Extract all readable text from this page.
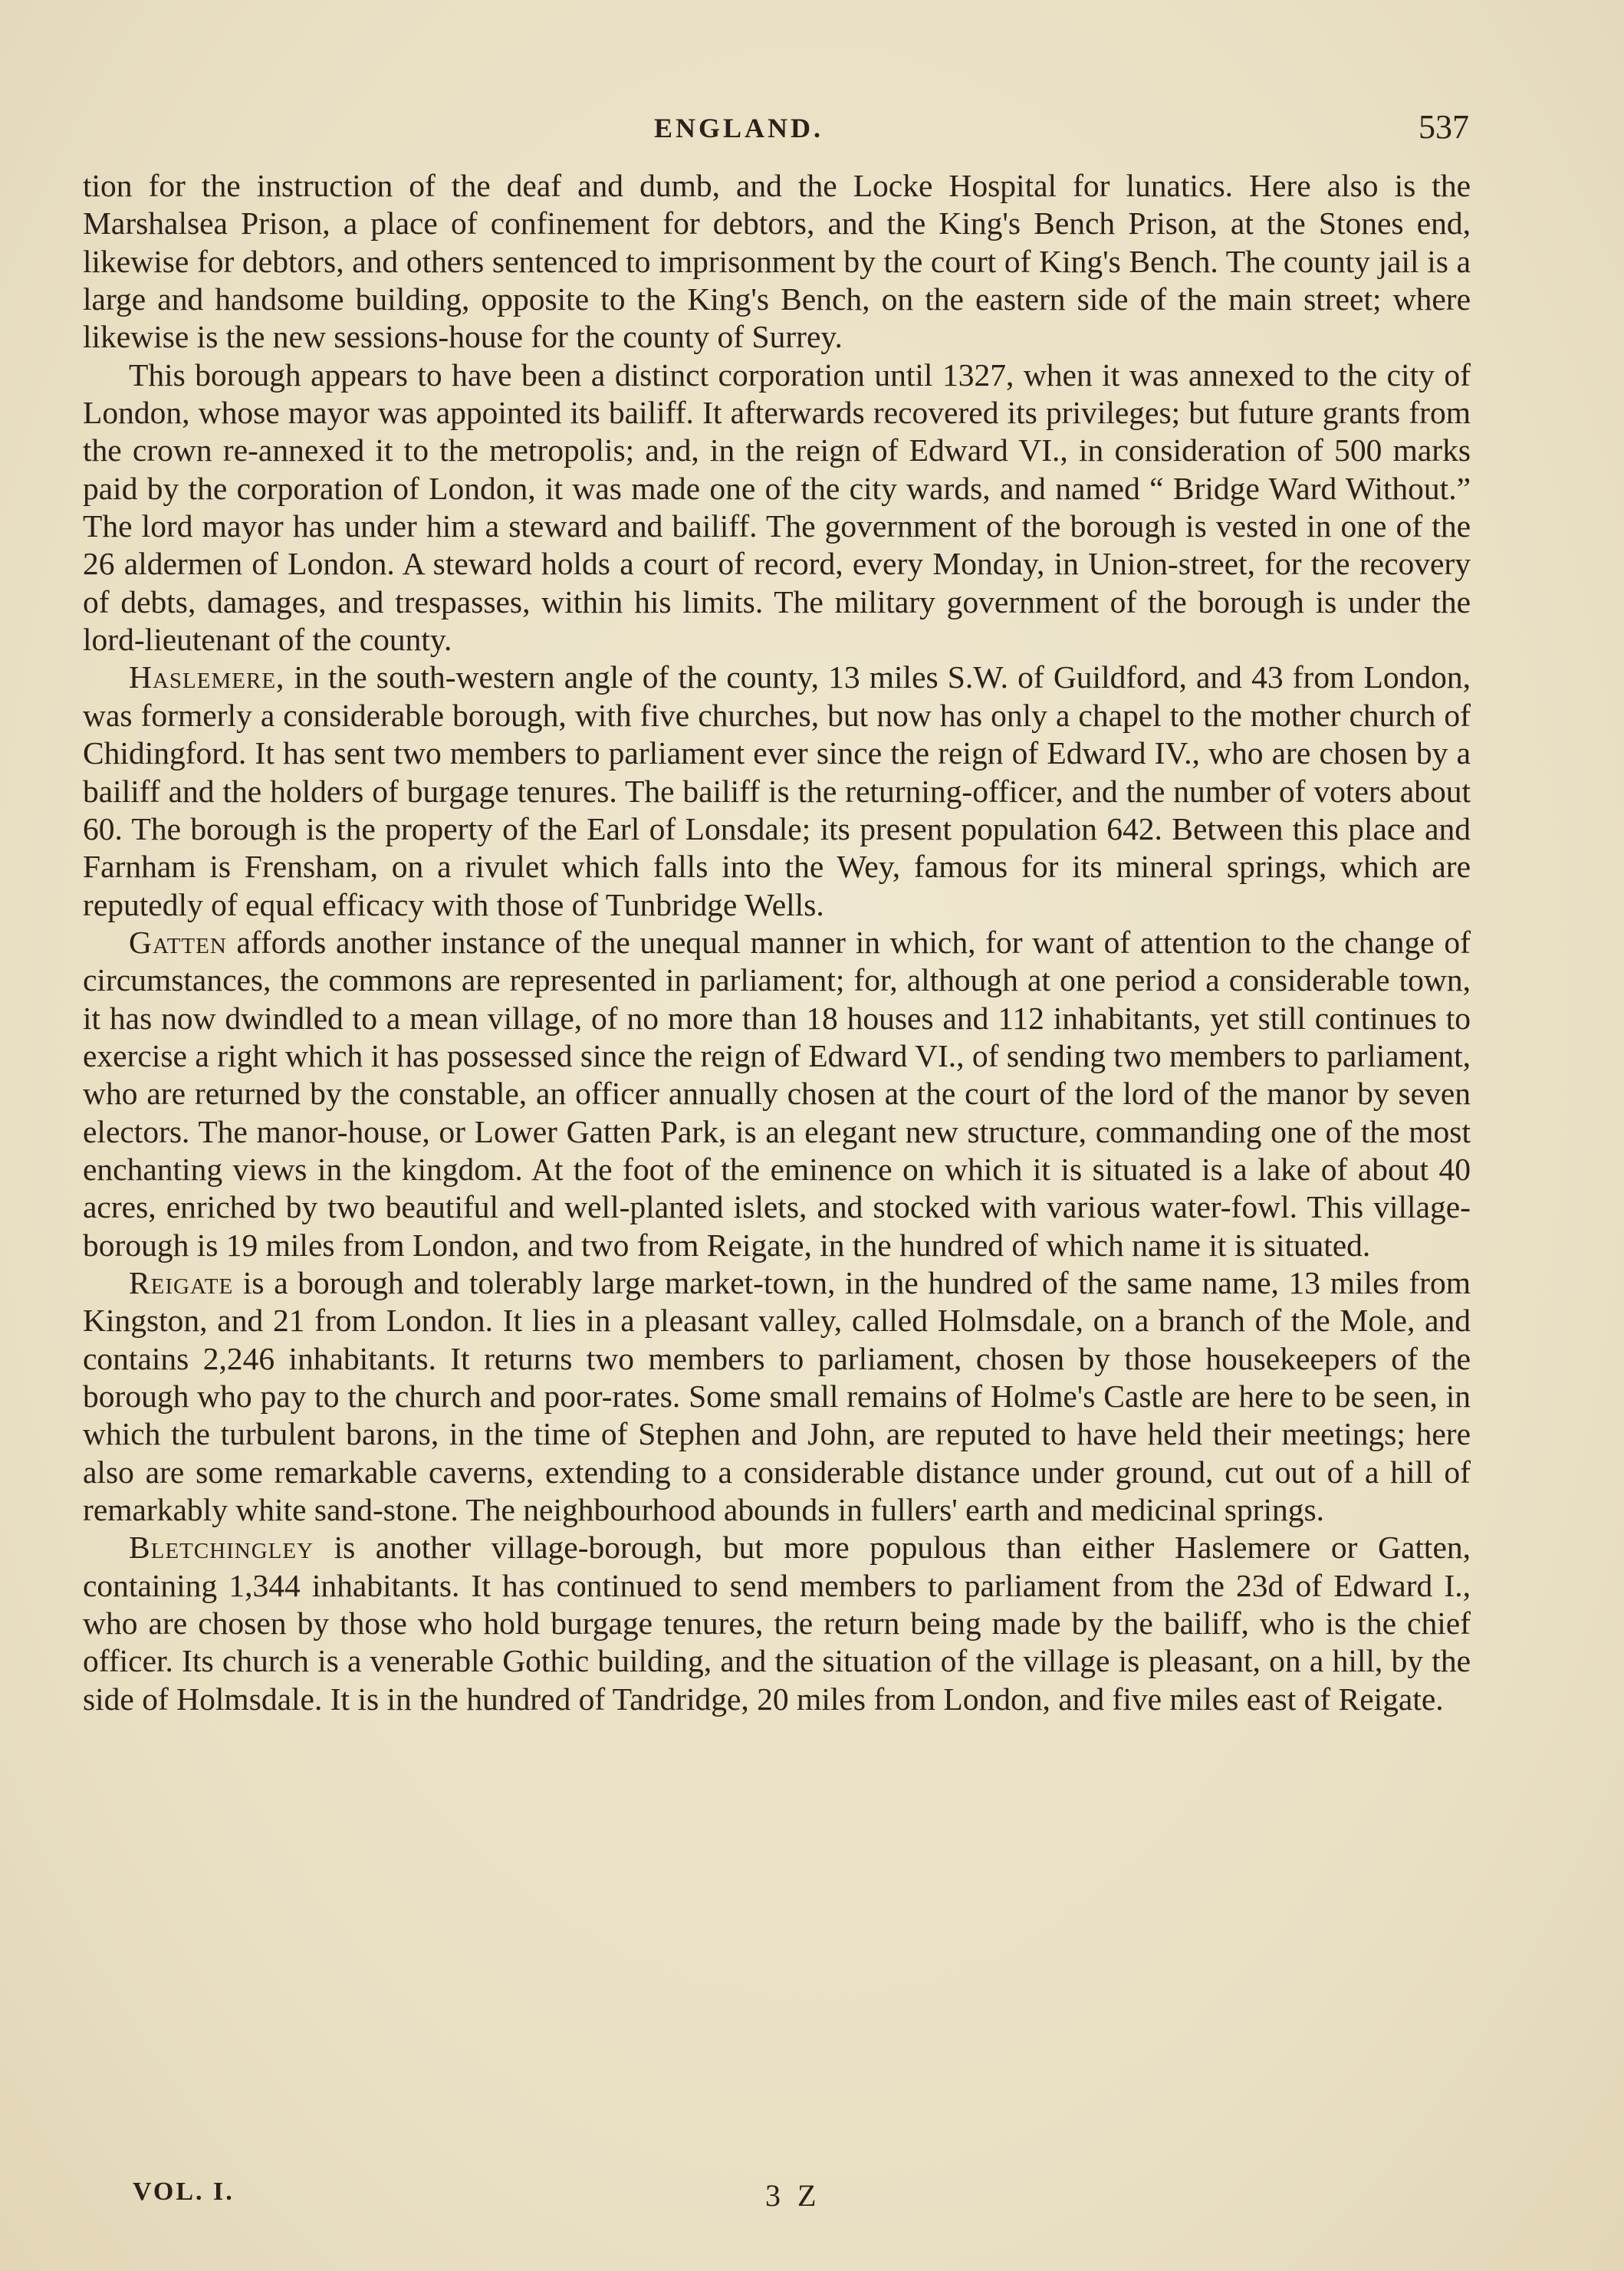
ENGLAND.	537

tion for the instruction of the deaf and dumb, and the Locke Hospital for lunatics. Here also is the Marshalsea Prison, a place of confinement for debtors, and the King's Bench Prison, at the Stones end, likewise for debtors, and others sentenced to imprisonment by the court of King's Bench. The county jail is a large and handsome building, opposite to the King's Bench, on the eastern side of the main street; where likewise is the new sessions-house for the county of Surrey.

This borough appears to have been a distinct corporation until 1327, when it was annexed to the city of London, whose mayor was appointed its bailiff. It afterwards recovered its privileges; but future grants from the crown re-annexed it to the metropolis; and, in the reign of Edward VI., in consideration of 500 marks paid by the corporation of London, it was made one of the city wards, and named “ Bridge Ward Without.” The lord mayor has under him a steward and bailiff. The government of the borough is vested in one of the 26 aldermen of London. A steward holds a court of record, every Monday, in Union-street, for the recovery of debts, damages, and trespasses, within his limits. The military government of the borough is under the lord-lieutenant of the county.

Haslemere, in the south-western angle of the county, 13 miles S.W. of Guildford, and 43 from London, was formerly a considerable borough, with five churches, but now has only a chapel to the mother church of Chidingford. It has sent two members to parliament ever since the reign of Edward IV., who are chosen by a bailiff and the holders of burgage tenures. The bailiff is the returning-officer, and the number of voters about 60. The borough is the property of the Earl of Lonsdale; its present population 642. Between this place and Farnham is Frensham, on a rivulet which falls into the Wey, famous for its mineral springs, which are reputedly of equal efficacy with those of Tunbridge Wells.

Gatten affords another instance of the unequal manner in which, for want of attention to the change of circumstances, the commons are represented in parliament; for, although at one period a considerable town, it has now dwindled to a mean village, of no more than 18 houses and 112 inhabitants, yet still continues to exercise a right which it has possessed since the reign of Edward VI., of sending two members to parliament, who are returned by the constable, an officer annually chosen at the court of the lord of the manor by seven electors. The manor-house, or Lower Gatten Park, is an elegant new structure, commanding one of the most enchanting views in the kingdom. At the foot of the eminence on which it is situated is a lake of about 40 acres, enriched by two beautiful and well-planted islets, and stocked with various water-fowl. This village-borough is 19 miles from London, and two from Reigate, in the hundred of which name it is situated.

Reigate is a borough and tolerably large market-town, in the hundred of the same name, 13 miles from Kingston, and 21 from London. It lies in a pleasant valley, called Holmsdale, on a branch of the Mole, and contains 2,246 inhabitants. It returns two members to parliament, chosen by those housekeepers of the borough who pay to the church and poor-rates. Some small remains of Holme's Castle are here to be seen, in which the turbulent barons, in the time of Stephen and John, are reputed to have held their meetings; here also are some remarkable caverns, extending to a considerable distance under ground, cut out of a hill of remarkably white sand-stone. The neighbourhood abounds in fullers' earth and medicinal springs.

Bletchingley is another village-borough, but more populous than either Haslemere or Gatten, containing 1,344 inhabitants. It has continued to send members to parliament from the 23d of Edward I., who are chosen by those who hold burgage tenures, the return being made by the bailiff, who is the chief officer. Its church is a venerable Gothic building, and the situation of the village is pleasant, on a hill, by the side of Holmsdale. It is in the hundred of Tandridge, 20 miles from London, and five miles east of Reigate.

VOL. I.	3 Z
